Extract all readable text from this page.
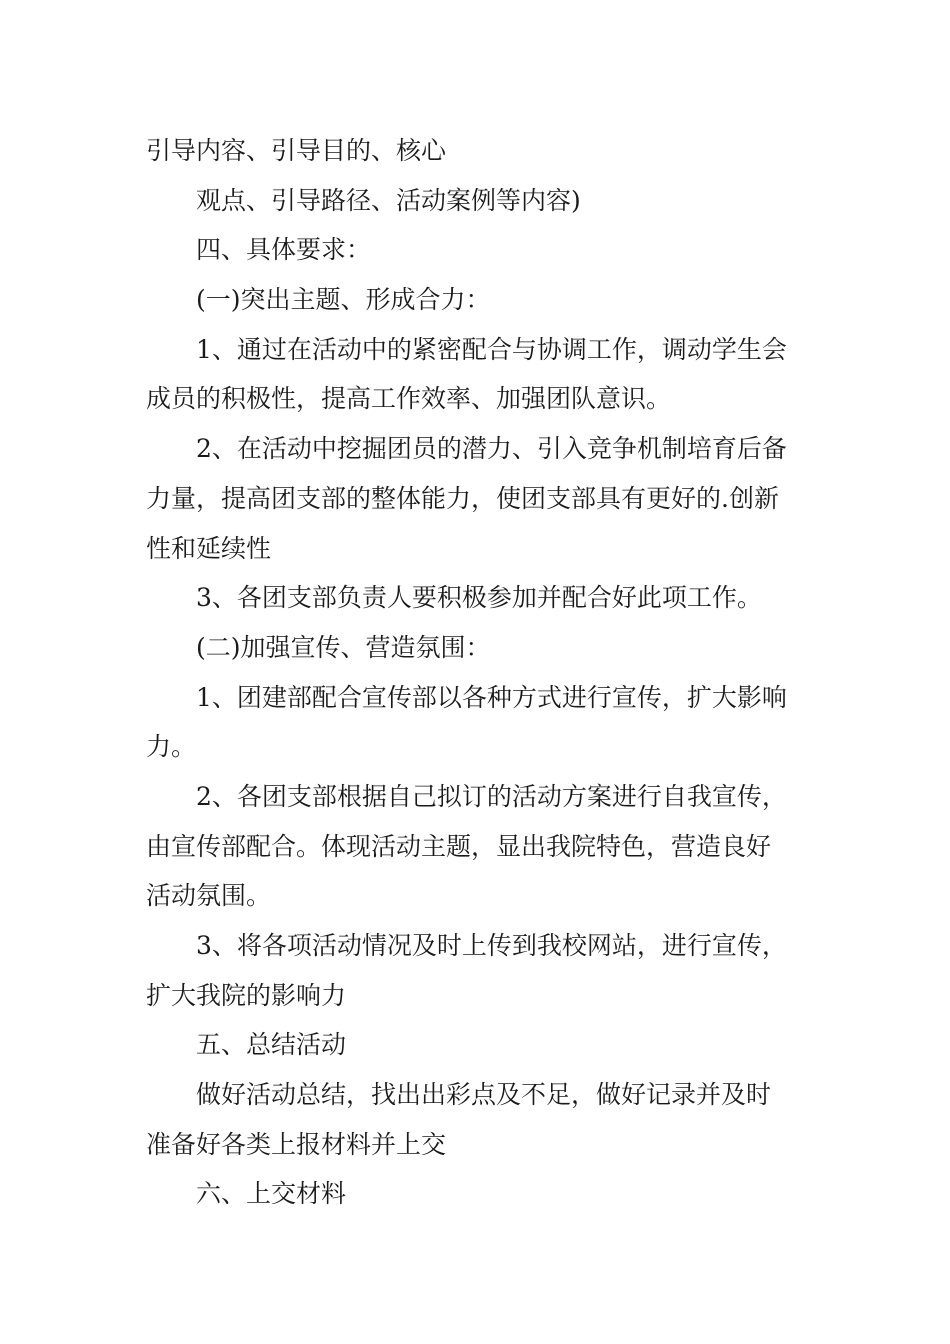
引导内容、引导目的、核心
观点、引导路径、活动案例等内容)
四、具体要求：
(一)突出主题、形成合力：
1、通过在活动中的紧密配合与协调工作，调动学生会
成员的积极性，提高工作效率、加强团队意识。
2、在活动中挖掘团员的潜力、引入竞争机制培育后备
力量，提高团支部的整体能力，使团支部具有更好的.创新
性和延续性
3、各团支部负责人要积极参加并配合好此项工作。
(二)加强宣传、营造氛围：
1、团建部配合宣传部以各种方式进行宣传，扩大影响
力。
2、各团支部根据自己拟订的活动方案进行自我宣传，
由宣传部配合。体现活动主题，显出我院特色，营造良好
活动氛围。
3、将各项活动情况及时上传到我校网站，进行宣传，
扩大我院的影响力
五、总结活动
做好活动总结，找出出彩点及不足，做好记录并及时
准备好各类上报材料并上交
六、上交材料
